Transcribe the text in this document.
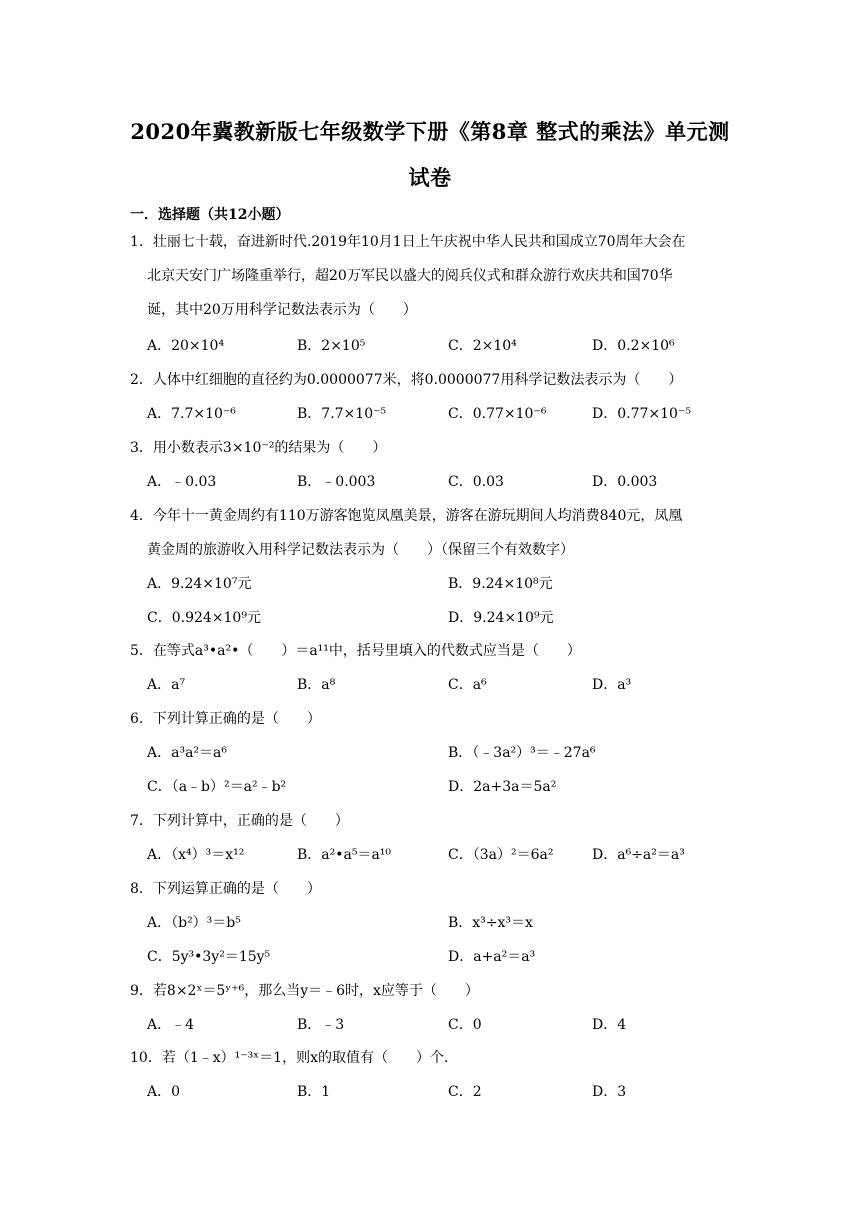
2020年冀教新版七年级数学下册《第8章 整式的乘法》单元测
试卷
一．选择题（共12小题）
1．壮丽七十载，奋进新时代.2019年10月1日上午庆祝中华人民共和国成立70周年大会在
北京天安门广场隆重举行，超20万军民以盛大的阅兵仪式和群众游行欢庆共和国70华
诞，其中20万用科学记数法表示为（　　）
A．20×10⁴	B．2×10⁵	C．2×10⁴	D．0.2×10⁶
2．人体中红细胞的直径约为0.0000077米，将0.0000077用科学记数法表示为（　　）
A．7.7×10⁻⁶	B．7.7×10⁻⁵	C．0.77×10⁻⁶	D．0.77×10⁻⁵
3．用小数表示3×10⁻²的结果为（　　）
A．﹣0.03	B．﹣0.003	C．0.03	D．0.003
4．今年十一黄金周约有110万游客饱览凤凰美景，游客在游玩期间人均消费840元，凤凰
黄金周的旅游收入用科学记数法表示为（　　）（保留三个有效数字）
A．9.24×10⁷元	B．9.24×10⁸元
C．0.924×10⁹元	D．9.24×10⁹元
5．在等式a³•a²•（　　）＝a¹¹中，括号里填入的代数式应当是（　　）
A．a⁷	B．a⁸	C．a⁶	D．a³
6．下列计算正确的是（　　）
A．a³a²＝a⁶	B．（﹣3a²）³＝﹣27a⁶
C．（a﹣b）²＝a²﹣b²	D．2a+3a＝5a²
7．下列计算中，正确的是（　　）
A．（x⁴）³＝x¹²	B．a²•a⁵＝a¹⁰	C．（3a）²＝6a²	D．a⁶÷a²＝a³
8．下列运算正确的是（　　）
A．（b²）³＝b⁵	B．x³÷x³＝x
C．5y³•3y²＝15y⁵	D．a+a²＝a³
9．若8×2ˣ＝5ʸ⁺⁶，那么当y＝﹣6时，x应等于（　　）
A．﹣4	B．﹣3	C．0	D．4
10．若（1﹣x）¹⁻³ˣ＝1，则x的取值有（　　）个．
A．0	B．1	C．2	D．3
